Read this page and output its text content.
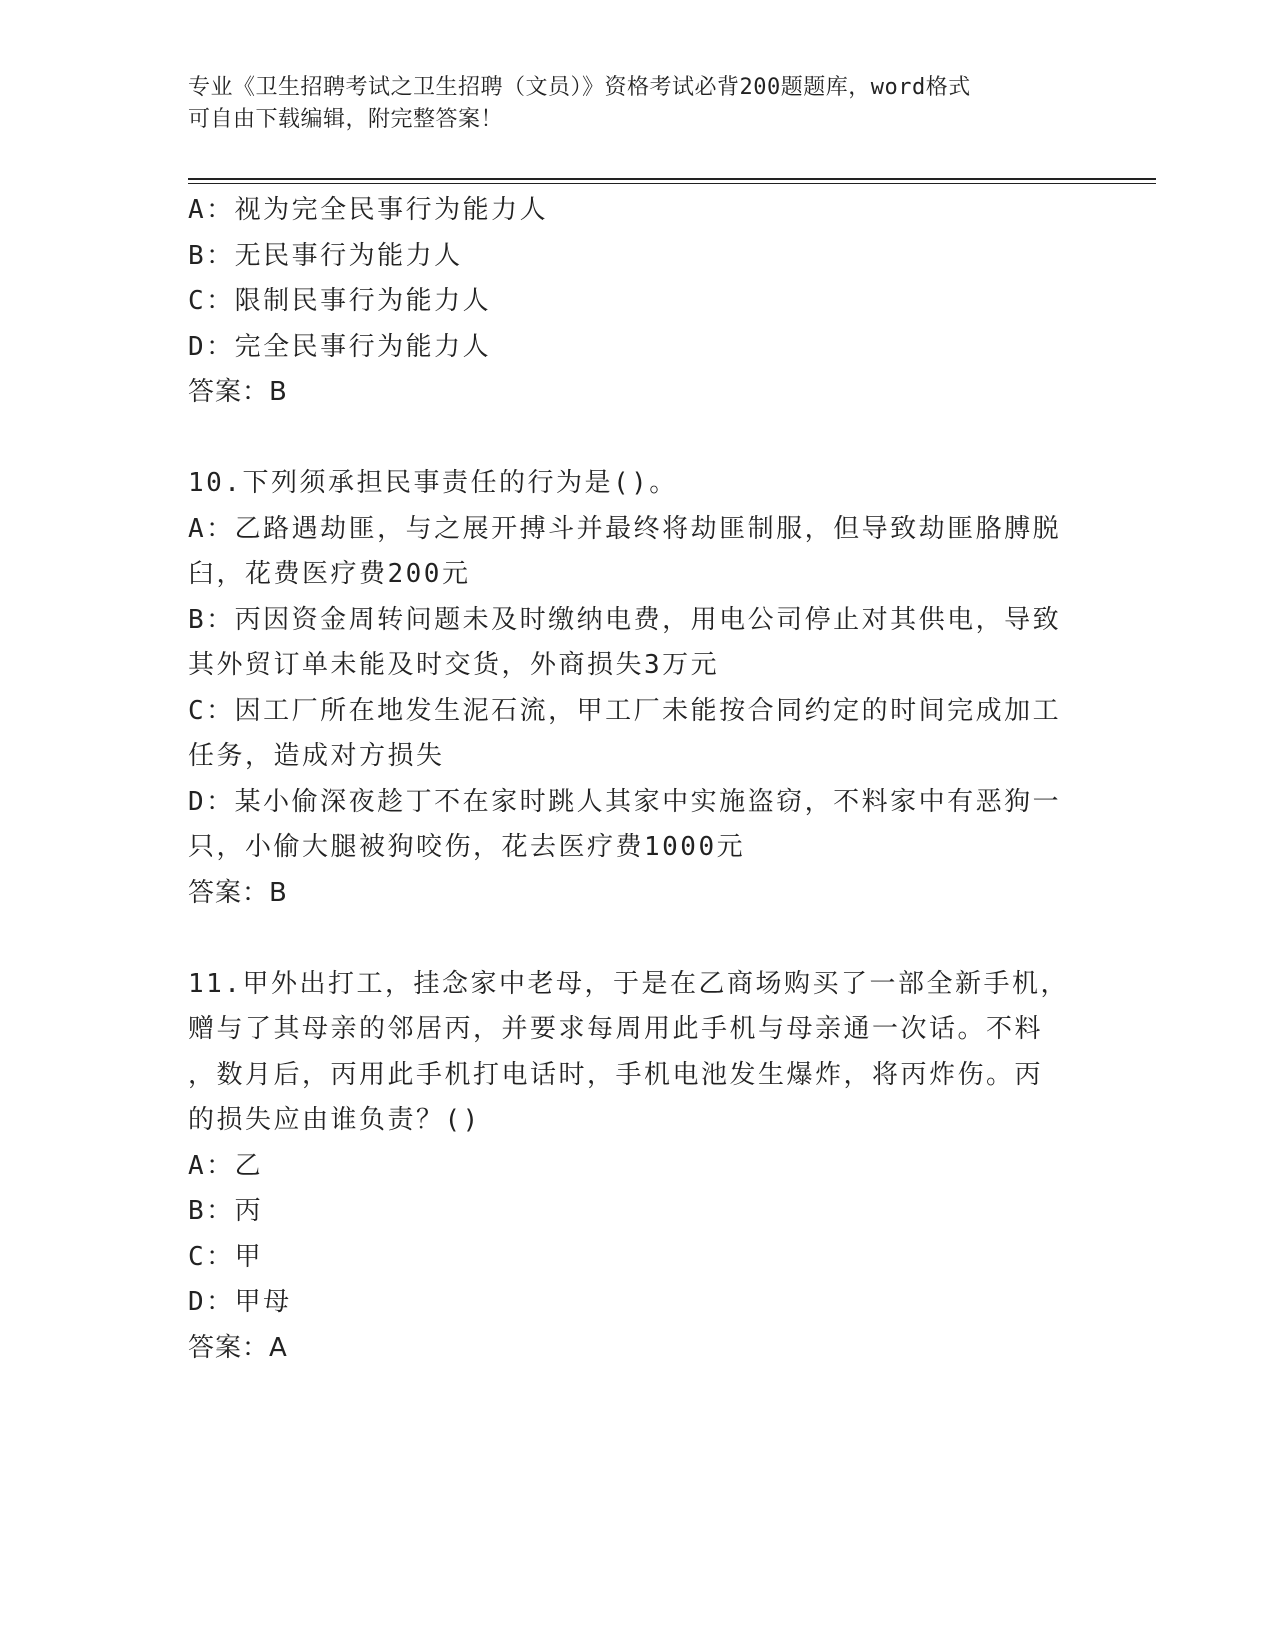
专业《卫生招聘考试之卫生招聘（文员）》资格考试必背200题题库，word格式
可自由下载编辑，附完整答案！
A：视为完全民事行为能力人
B：无民事行为能力人
C：限制民事行为能力人
D：完全民事行为能力人
答案：B
10.下列须承担民事责任的行为是()。
A：乙路遇劫匪，与之展开搏斗并最终将劫匪制服，但导致劫匪胳膊脱
臼，花费医疗费200元
B：丙因资金周转问题未及时缴纳电费，用电公司停止对其供电，导致
其外贸订单未能及时交货，外商损失3万元
C：因工厂所在地发生泥石流，甲工厂未能按合同约定的时间完成加工
任务，造成对方损失
D：某小偷深夜趁丁不在家时跳人其家中实施盗窃，不料家中有恶狗一
只，小偷大腿被狗咬伤，花去医疗费1000元
答案：B
11.甲外出打工，挂念家中老母，于是在乙商场购买了一部全新手机，
赠与了其母亲的邻居丙，并要求每周用此手机与母亲通一次话。不料
，数月后，丙用此手机打电话时，手机电池发生爆炸，将丙炸伤。丙
的损失应由谁负责？()
A：乙
B：丙
C：甲
D：甲母
答案：A
